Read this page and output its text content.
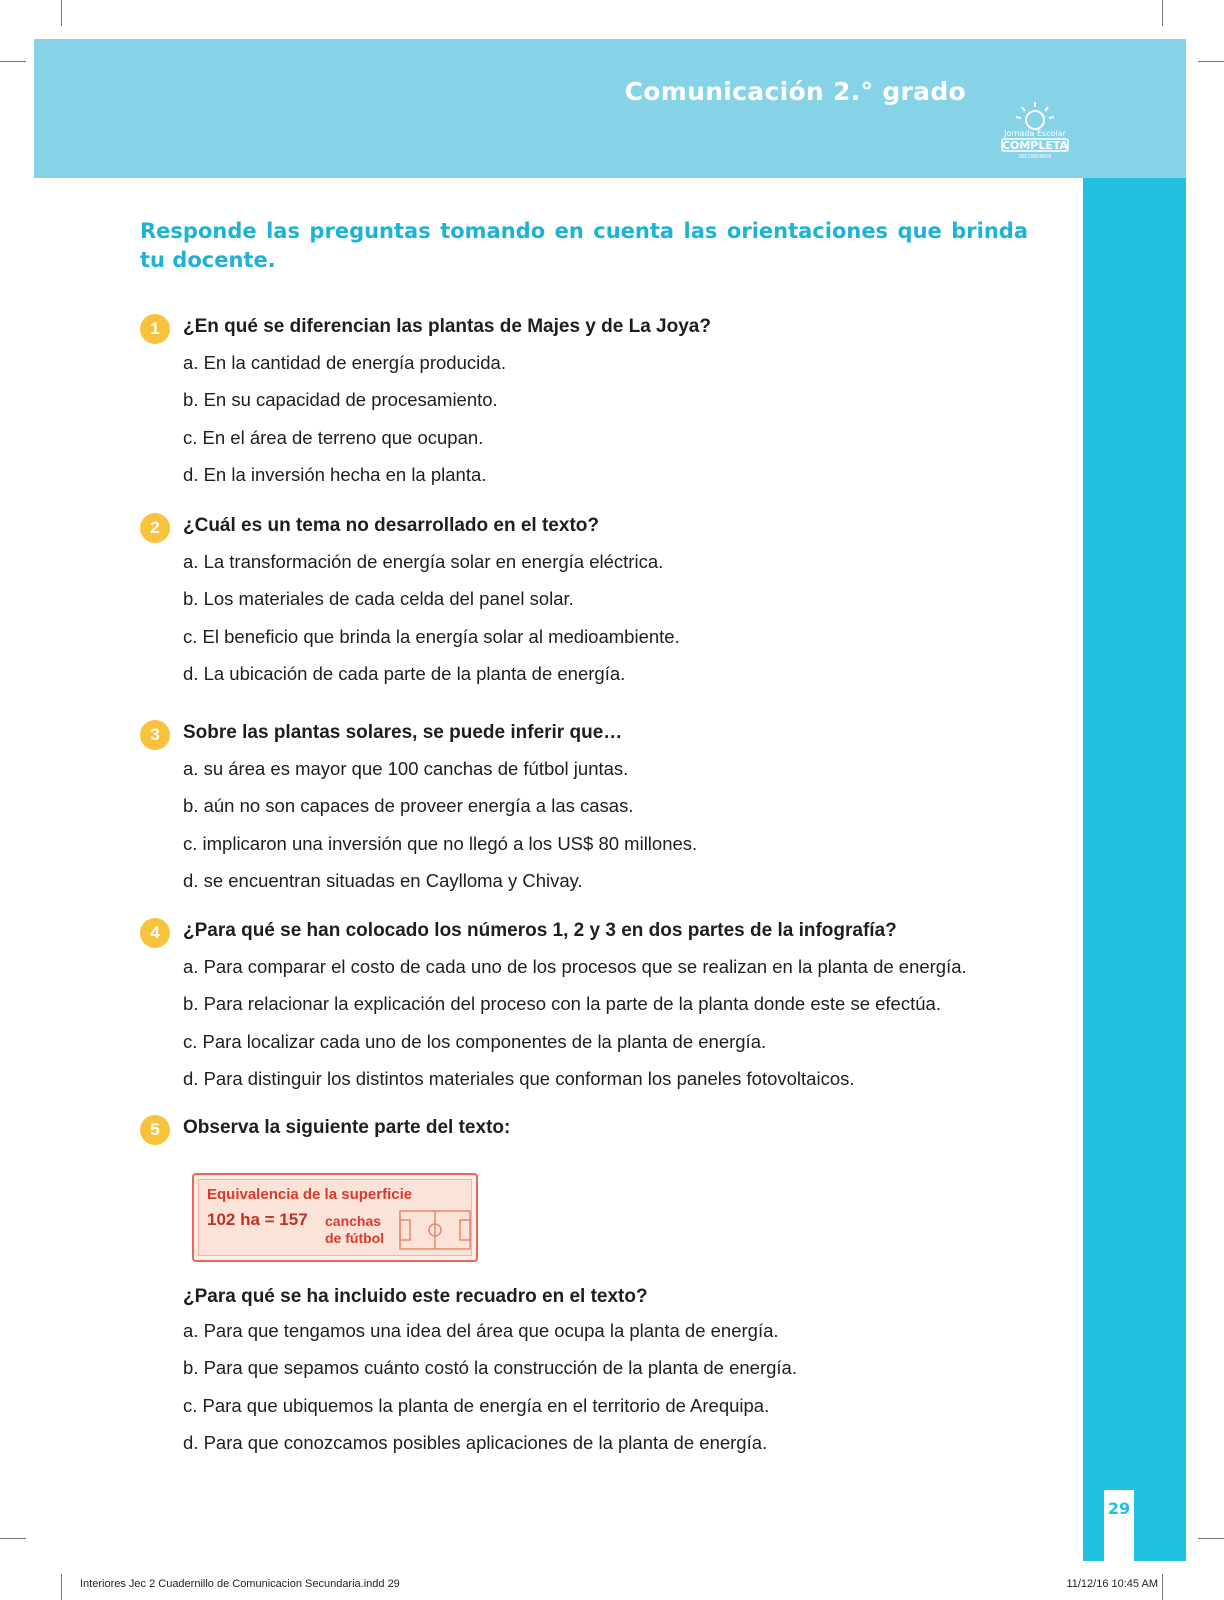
Comunicación 2.° grado
Jornada Escolar
COMPLETA
SECUNDARIA
29
Responde las preguntas tomando en cuenta las orientaciones que brinda tu docente.
1	¿En qué se diferencian las plantas de Majes y de La Joya?
a. En la cantidad de energía producida.
b. En su capacidad de procesamiento.
c. En el área de terreno que ocupan.
d. En la inversión hecha en la planta.
2	¿Cuál es un tema no desarrollado en el texto?
a. La transformación de energía solar en energía eléctrica.
b. Los materiales de cada celda del panel solar.
c. El beneficio que brinda la energía solar al medioambiente.
d. La ubicación de cada parte de la planta de energía.
3	Sobre las plantas solares, se puede inferir que…
a. su área es mayor que 100 canchas de fútbol juntas.
b. aún no son capaces de proveer energía a las casas.
c. implicaron una inversión que no llegó a los US$ 80 millones.
d. se encuentran situadas en Caylloma y Chivay.
4	¿Para qué se han colocado los números 1, 2 y 3 en dos partes de la infografía?
a. Para comparar el costo de cada uno de los procesos que se realizan en la planta de energía.
b. Para relacionar la explicación del proceso con la parte de la planta donde este se efectúa.
c. Para localizar cada uno de los componentes de la planta de energía.
d. Para distinguir los distintos materiales que conforman los paneles fotovoltaicos.
5	Observa la siguiente parte del texto:
Equivalencia de la superficie
102 ha = 157 canchas
de fútbol
¿Para qué se ha incluido este recuadro en el texto?
a. Para que tengamos una idea del área que ocupa la planta de energía.
b. Para que sepamos cuánto costó la construcción de la planta de energía.
c. Para que ubiquemos la planta de energía en el territorio de Arequipa.
d. Para que conozcamos posibles aplicaciones de la planta de energía.
Interiores Jec 2 Cuadernillo de Comunicacion Secundaria.indd 29	11/12/16 10:45 AM
